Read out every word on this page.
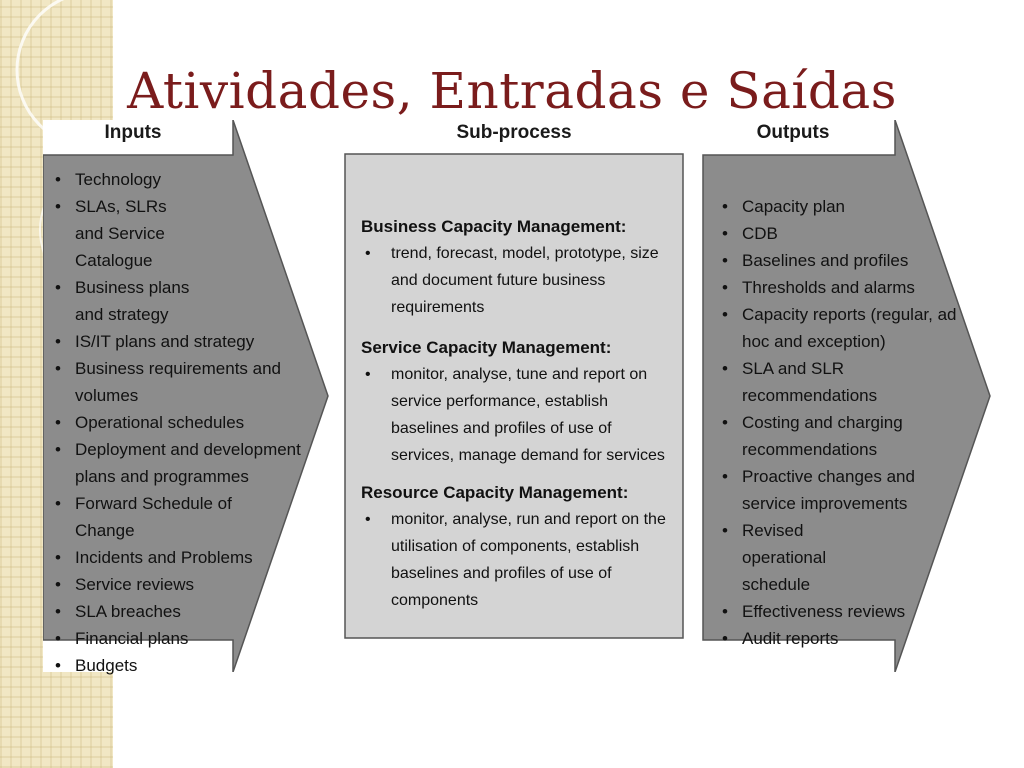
Atividades, Entradas e Saídas
Inputs	Sub-process	Outputs
• Technology
• SLAs, SLRs and Service Catalogue
• Business plans and strategy
• IS/IT plans and strategy
• Business requirements and volumes
• Operational schedules
• Deployment and development plans and programmes
• Forward Schedule of Change
• Incidents and Problems
• Service reviews
• SLA breaches
• Financial plans
• Budgets
Business Capacity Management:
• trend, forecast, model, prototype, size and document future business requirements
Service Capacity Management:
• monitor, analyse, tune and report on service performance, establish baselines and profiles of use of services, manage demand for services
Resource Capacity Management:
• monitor, analyse, run and report on the utilisation of components, establish baselines and profiles of use of components
• Capacity plan
• CDB
• Baselines and profiles
• Thresholds and alarms
• Capacity reports (regular, ad hoc and exception)
• SLA and SLR recommendations
• Costing and charging recommendations
• Proactive changes and service improvements
• Revised operational schedule
• Effectiveness reviews
• Audit reports
